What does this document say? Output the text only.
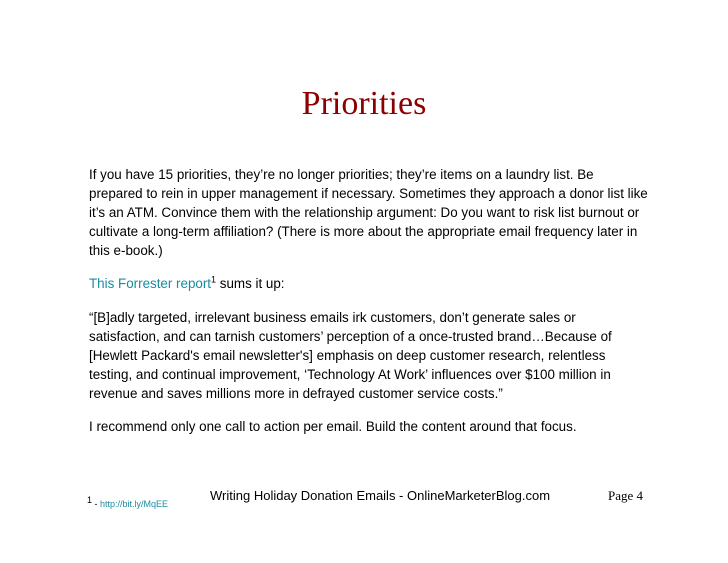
Priorities

If you have 15 priorities, they’re no longer priorities; they’re items on a laundry list. Be prepared to rein in upper management if necessary. Sometimes they approach a donor list like it’s an ATM. Convince them with the relationship argument: Do you want to risk list burnout or cultivate a long-term affiliation? (There is more about the appropriate email frequency later in this e-book.)

This Forrester report$^1$ sums it up:

“[B]adly targeted, irrelevant business emails irk customers, don’t generate sales or satisfaction, and can tarnish customers’ perception of a once-trusted brand…Because of [Hewlett Packard's email newsletter's] emphasis on deep customer research, relentless testing, and continual improvement, ‘Technology At Work’ influences over $100 million in revenue and saves millions more in defrayed customer service costs.”

I recommend only one call to action per email. Build the content around that focus.

Writing Holiday Donation Emails - OnlineMarketerBlog.com	Page 4
$^1$ - http://bit.ly/MqEE
